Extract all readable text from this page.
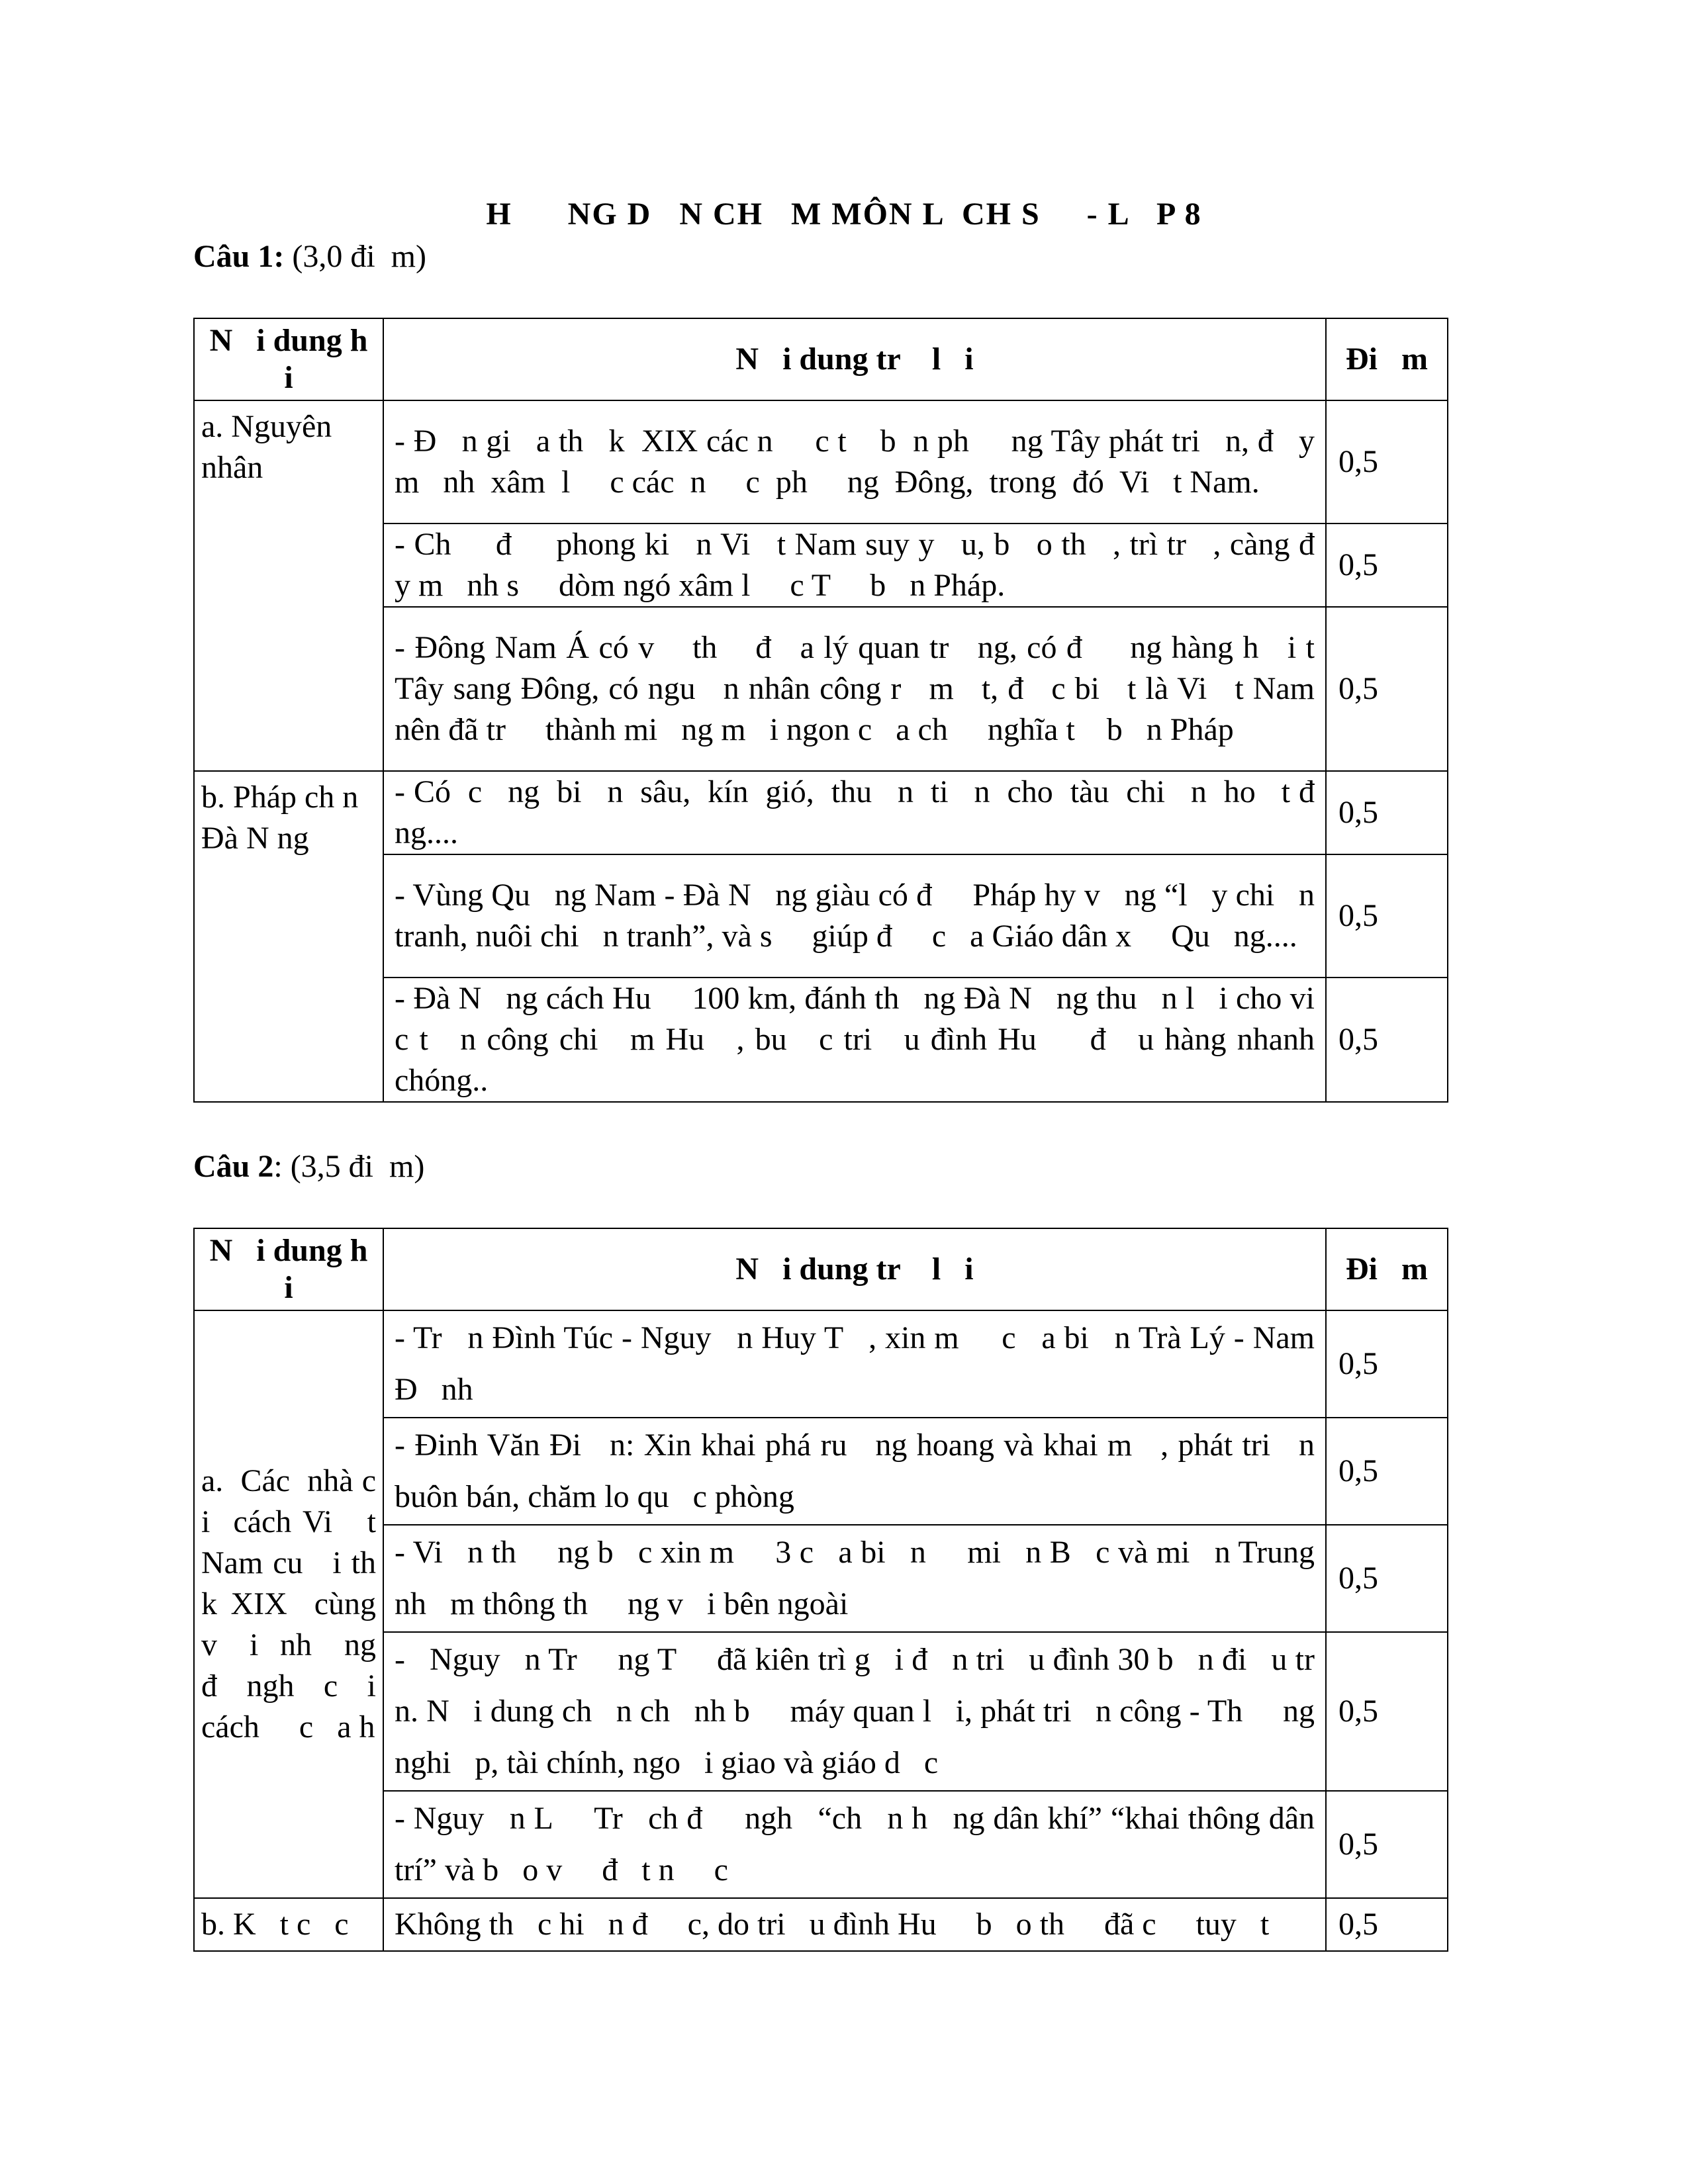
H      NG D   N CH   M MÔN L  CH S     - L   P 8
Câu 1: (3,0 đi  m)
N   i dung h   i	N   i dung tr    l   i	Đi   m
a. Nguyên nhân	- Đ   n gi   a th   k  XIX các n     c t    b  n ph     ng Tây phát tri   n, đ   y m   nh  xâm  l     c các  n     c  ph     ng  Đông,  trong  đó  Vi   t Nam.	0,5
	- Ch     đ     phong ki   n Vi   t Nam suy y   u, b   o th   , trì tr   , càng đ   y m   nh s     dòm ngó xâm l     c T     b   n Pháp.	0,5
	- Đông Nam Á có v    th    đ   a lý quan tr   ng, có đ     ng hàng h   i t     Tây sang Đông, có ngu   n nhân công r   m   t, đ   c bi   t là Vi   t Nam nên đã tr     thành mi   ng m   i ngon c   a ch     nghĩa t    b   n Pháp	0,5
b. Pháp ch n Đà N ng	- Có  c   ng  bi   n  sâu,  kín  gió,  thu   n  ti   n  cho  tàu  chi   n  ho   t đ   ng....	0,5
	- Vùng Qu   ng Nam - Đà N   ng giàu có đ     Pháp hy v   ng “l   y chi   n tranh, nuôi chi   n tranh”, và s     giúp đ     c   a Giáo dân x     Qu   ng....	0,5
	- Đà N   ng cách Hu     100 km, đánh th   ng Đà N   ng thu   n l   i cho vi   c t   n công chi   m Hu   , bu   c tri   u đình Hu     đ   u hàng nhanh chóng..	0,5
Câu 2: (3,5 đi  m)
N   i dung h   i	N   i dung tr    l   i	Đi   m
a.  Các  nhà c   i  cách Vi   t  Nam cu   i th    k XIX  cùng v   i  nh   ng đ   ngh   c   i cách     c   a h	- Tr   n Đình Túc - Nguy   n Huy T   , xin m     c   a bi   n Trà Lý - Nam Đ   nh	0,5
	- Đinh Văn Đi   n: Xin khai phá ru   ng hoang và khai m   , phát tri   n buôn bán, chăm lo qu   c phòng	0,5
	- Vi   n th     ng b   c xin m     3 c   a bi   n     mi   n B   c và mi   n Trung nh   m thông th     ng v   i bên ngoài	0,5
	-   Nguy   n Tr     ng T     đã kiên trì g   i đ   n tri   u đình 30 b   n đi   u tr   n. N   i dung ch   n ch   nh b     máy quan l   i, phát tri   n công - Th     ng nghi   p, tài chính, ngo   i giao và giáo d   c	0,5
	- Nguy   n L     Tr   ch đ     ngh   “ch   n h   ng dân khí” “khai thông dân trí” và b   o v     đ   t n     c	0,5
b. K   t c   c	Không th   c hi   n đ     c, do tri   u đình Hu     b   o th     đã c     tuy   t	0,5
